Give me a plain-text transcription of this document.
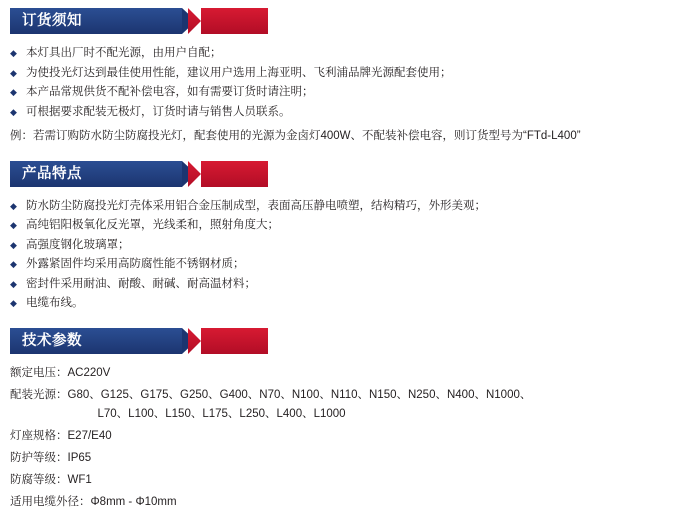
订货须知
◆ 本灯具出厂时不配光源，由用户自配；
◆ 为使投光灯达到最佳使用性能，建议用户选用上海亚明、飞利浦品牌光源配套使用；
◆ 本产品常规供货不配补偿电容，如有需要订货时请注明；
◆ 可根据要求配装无极灯，订货时请与销售人员联系。
例：若需订购防水防尘防腐投光灯，配套使用的光源为金卤灯400W、不配装补偿电容，则订货型号为“FTd-L400”
产品特点
◆ 防水防尘防腐投光灯壳体采用铝合金压制成型，表面高压静电喷塑，结构精巧，外形美观；
◆ 高纯铝阳极氧化反光罩，光线柔和，照射角度大；
◆ 高强度钢化玻璃罩；
◆ 外露紧固件均采用高防腐性能不锈钢材质；
◆ 密封件采用耐油、耐酸、耐碱、耐高温材料；
◆ 电缆布线。
技术参数
额定电压： AC220V
配装光源： G80、G125、G175、G250、G400、N70、N100、N110、N150、N250、N400、N1000、
L70、L100、L150、L175、L250、L400、L1000
灯座规格： E27/E40
防护等级： IP65
防腐等级： WF1
适用电缆外径： Φ8mm - Φ10mm
